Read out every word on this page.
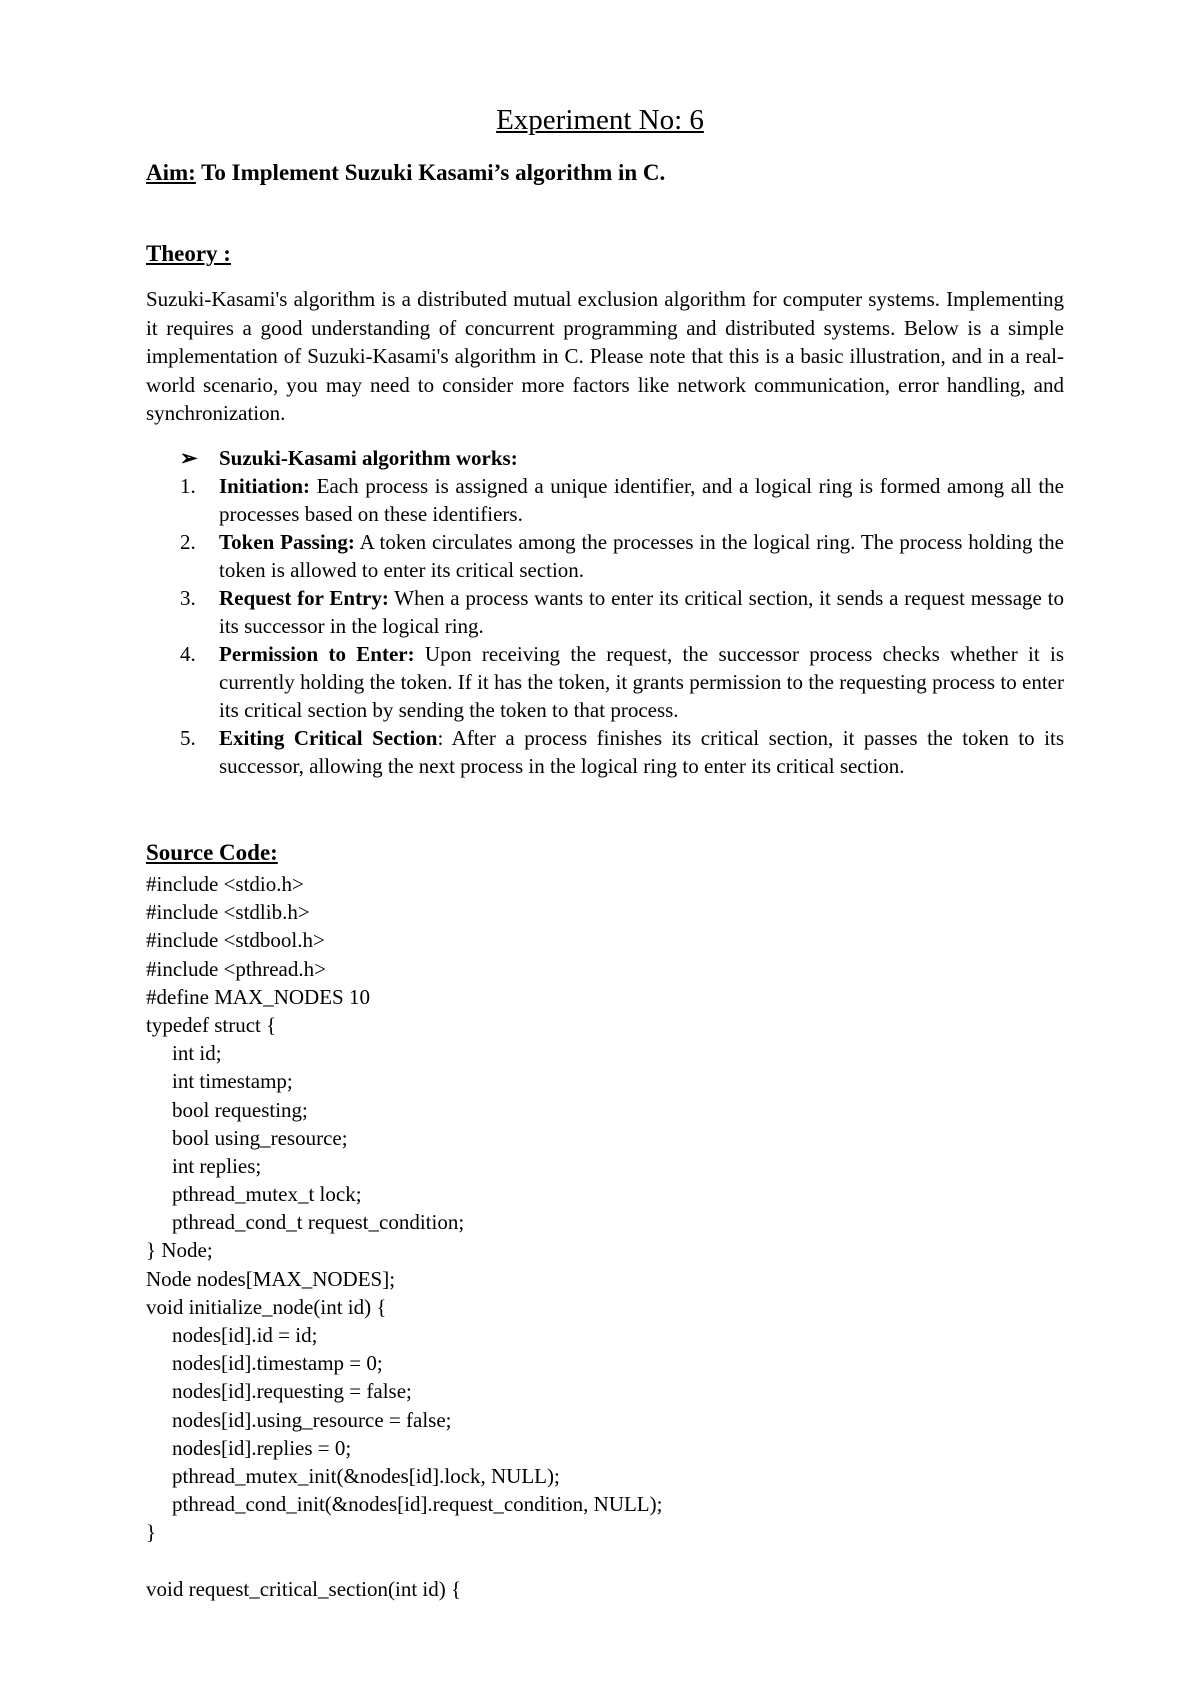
Experiment No: 6
Aim: To Implement Suzuki Kasami’s algorithm in C.
Theory :

Suzuki-Kasami's algorithm is a distributed mutual exclusion algorithm for computer systems. Implementing it requires a good understanding of concurrent programming and distributed systems. Below is a simple implementation of Suzuki-Kasami's algorithm in C. Please note that this is a basic illustration, and in a real-world scenario, you may need to consider more factors like network communication, error handling, and synchronization.

➢ Suzuki-Kasami algorithm works:
1. Initiation: Each process is assigned a unique identifier, and a logical ring is formed among all the processes based on these identifiers.
2. Token Passing: A token circulates among the processes in the logical ring. The process holding the token is allowed to enter its critical section.
3. Request for Entry: When a process wants to enter its critical section, it sends a request message to its successor in the logical ring.
4. Permission to Enter: Upon receiving the request, the successor process checks whether it is currently holding the token. If it has the token, it grants permission to the requesting process to enter its critical section by sending the token to that process.
5. Exiting Critical Section: After a process finishes its critical section, it passes the token to its successor, allowing the next process in the logical ring to enter its critical section.
Source Code:
#include <stdio.h>
#include <stdlib.h>
#include <stdbool.h>
#include <pthread.h>
#define MAX_NODES 10
typedef struct {
int id;
int timestamp;
bool requesting;
bool using_resource;
int replies;
pthread_mutex_t lock;
pthread_cond_t request_condition;
} Node;
Node nodes[MAX_NODES];
void initialize_node(int id) {
nodes[id].id = id;
nodes[id].timestamp = 0;
nodes[id].requesting = false;
nodes[id].using_resource = false;
nodes[id].replies = 0;
pthread_mutex_init(&nodes[id].lock, NULL);
pthread_cond_init(&nodes[id].request_condition, NULL);
}
void request_critical_section(int id) {
